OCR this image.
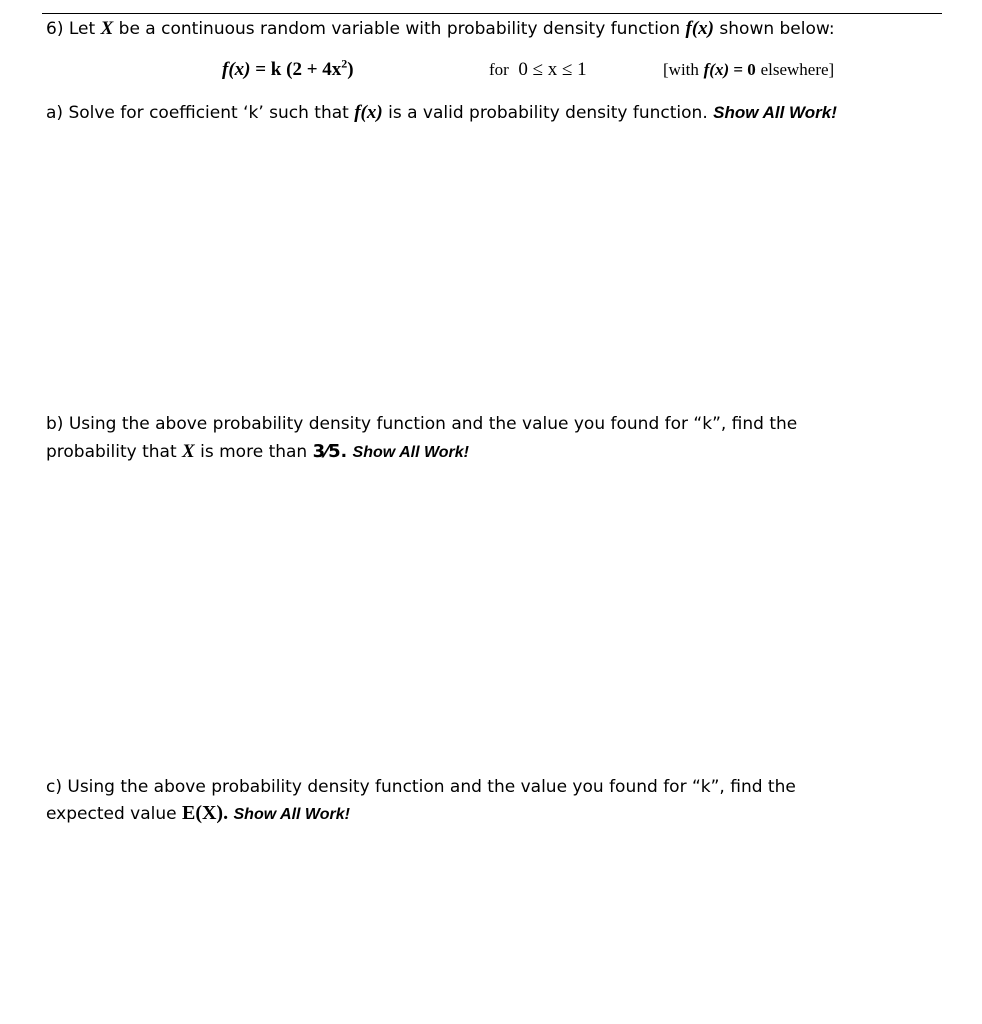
6) Let X be a continuous random variable with probability density function f(x) shown below:
f(x) = k $(2 + 4x^2)$	for 0 ≤ x ≤ 1	[with f(x) = 0 elsewhere]
a) Solve for coefficient ‘k’ such that f(x) is a valid probability density function. Show All Work!
b) Using the above probability density function and the value you found for “k”, find the
probability that X is more than 3⁄5. Show All Work!
c) Using the above probability density function and the value you found for “k”, find the
expected value E(X). Show All Work!
